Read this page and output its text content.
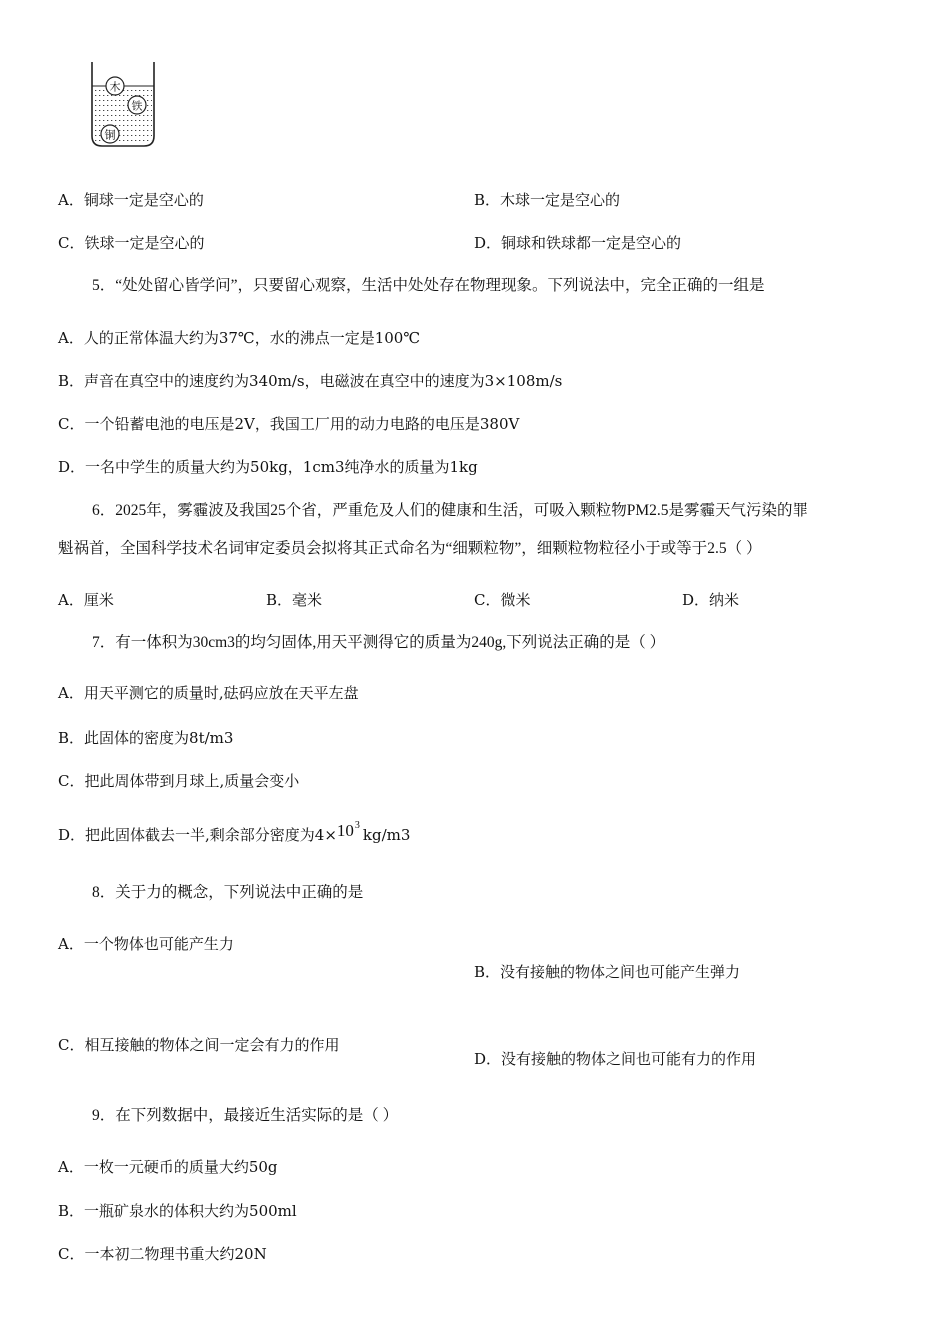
木
铁
铜
A．铜球一定是空心的	B．木球一定是空心的
C．铁球一定是空心的	D．铜球和铁球都一定是空心的
5．“处处留心皆学问”，只要留心观察，生活中处处存在物理现象。下列说法中，完全正确的一组是
A．人的正常体温大约为37℃，水的沸点一定是100℃
B．声音在真空中的速度约为340m/s，电磁波在真空中的速度为3×108m/s
C．一个铅蓄电池的电压是2V，我国工厂用的动力电路的电压是380V
D．一名中学生的质量大约为50kg，1cm3纯净水的质量为1kg
6．2025年，雾霾波及我国25个省，严重危及人们的健康和生活，可吸入颗粒物PM2.5是雾霾天气污染的罪
魁祸首，全国科学技术名词审定委员会拟将其正式命名为“细颗粒物”，细颗粒物粒径小于或等于2.5（ ）
A．厘米	B．毫米	C．微米	D．纳米
7．有一体积为30cm3的均匀固体,用天平测得它的质量为240g,下列说法正确的是（ ）
A．用天平测它的质量时,砝码应放在天平左盘
B．此固体的密度为8t/m3
C．把此周体带到月球上,质量会变小
D．把此固体截去一半,剩余部分密度为$4\times 10^3kg/m3$
8．关于力的概念，下列说法中正确的是
A．一个物体也可能产生力
B．没有接触的物体之间也可能产生弹力
C．相互接触的物体之间一定会有力的作用
D．没有接触的物体之间也可能有力的作用
9．在下列数据中，最接近生活实际的是（ ）
A．一枚一元硬币的质量大约50g
B．一瓶矿泉水的体积大约为500ml
C．一本初二物理书重大约20N
